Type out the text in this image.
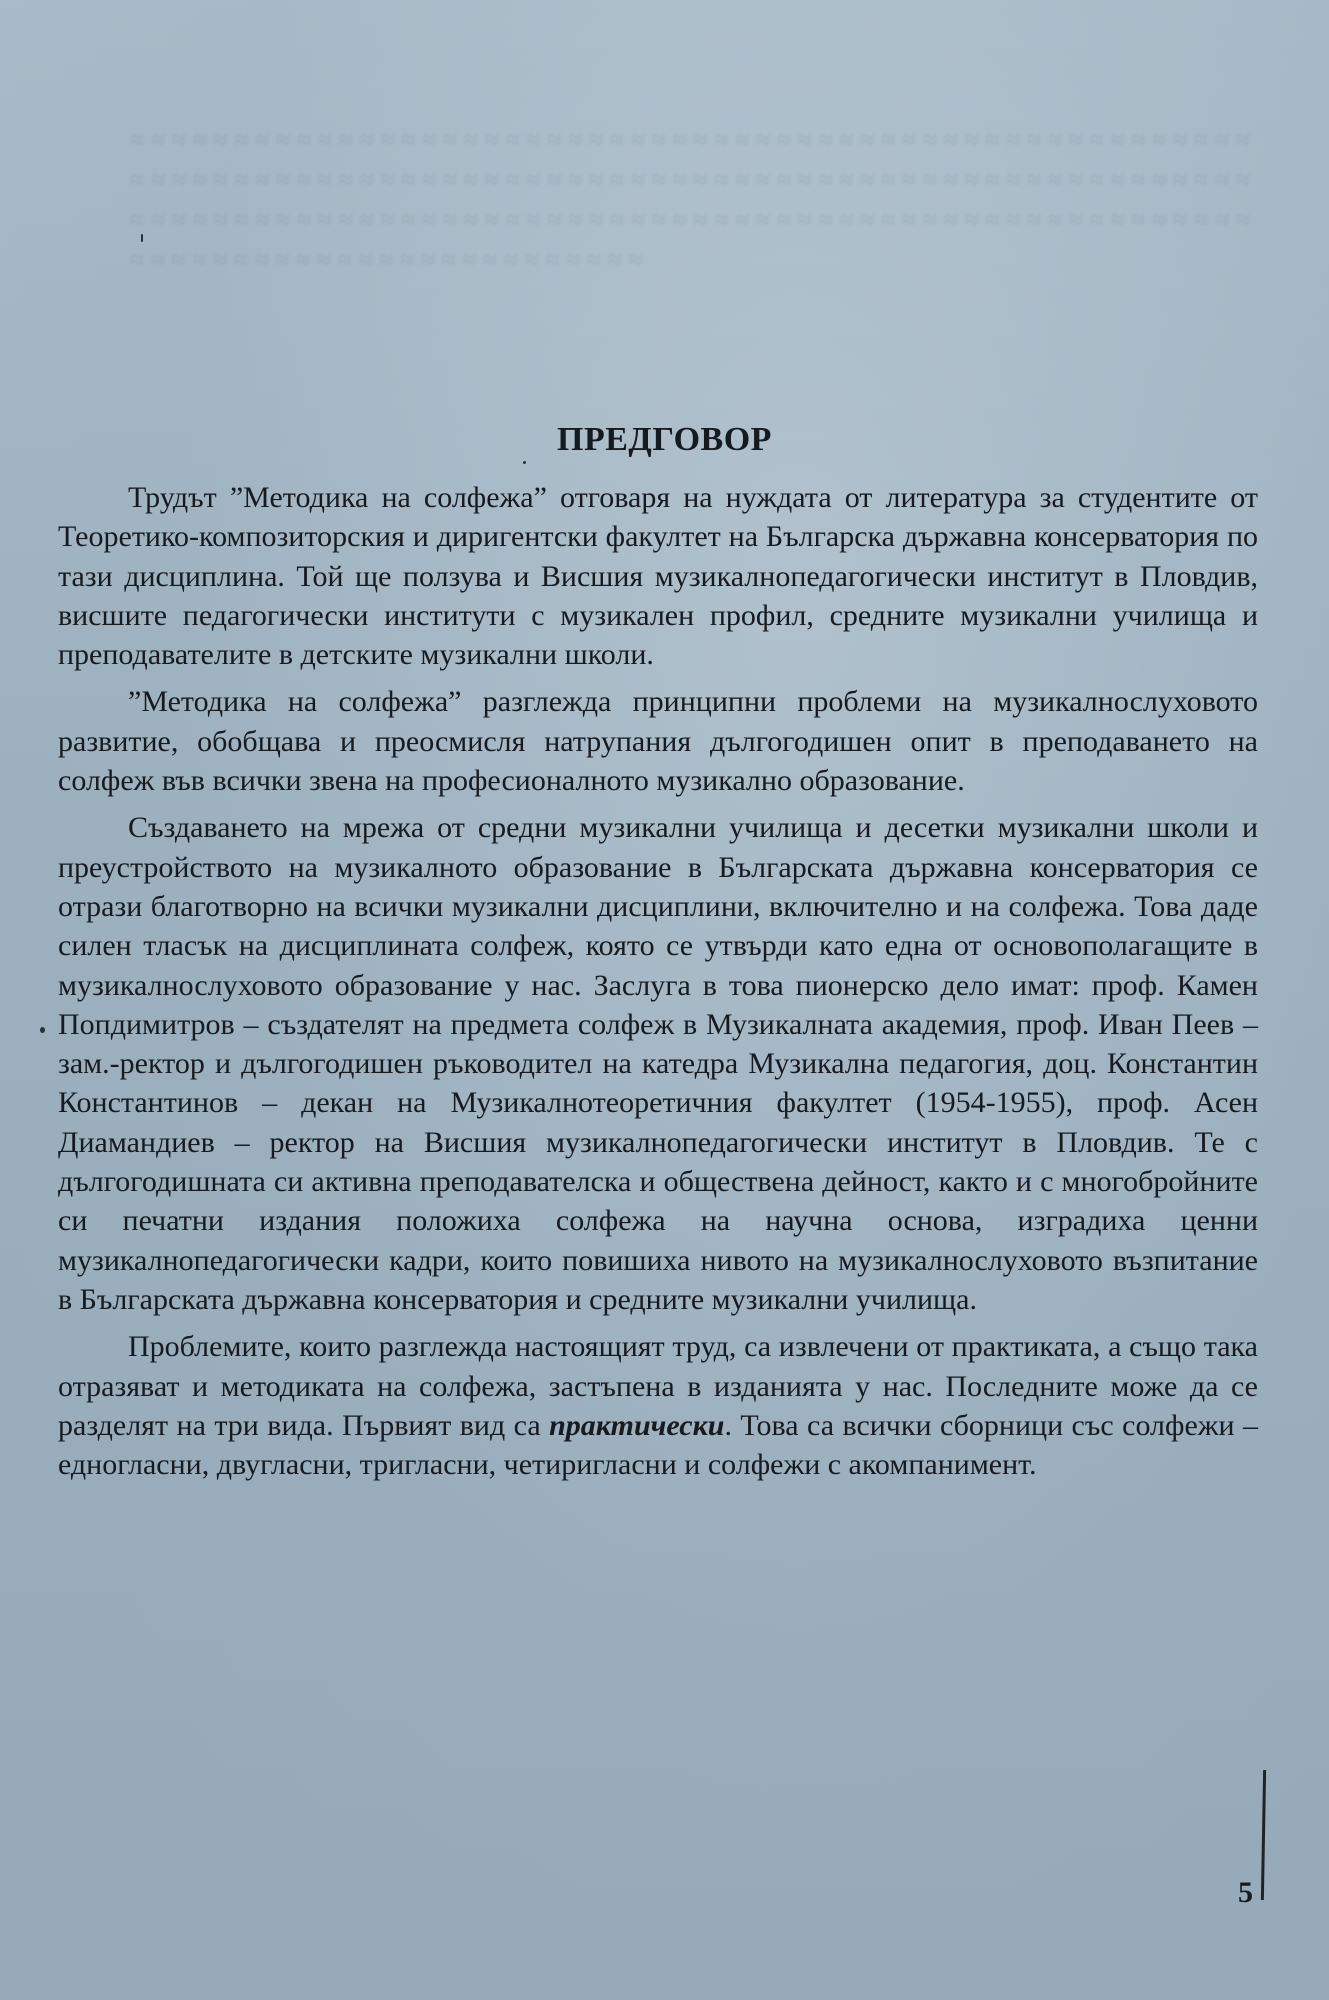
≈ ≈ ≈ ≈ ≈ ≈ ≈ ≈ ≈ ≈ ≈ ≈ ≈ ≈ ≈ ≈ ≈ ≈ ≈ ≈ ≈ ≈ ≈ ≈ ≈ ≈ ≈ ≈ ≈ ≈ ≈ ≈ ≈ ≈ ≈ ≈ ≈ ≈ ≈ ≈ ≈ ≈ ≈ ≈ ≈ ≈ ≈ ≈ ≈ ≈ ≈ ≈ ≈ ≈ ≈ ≈ ≈ ≈ ≈ ≈ ≈ ≈ ≈ ≈ ≈ ≈ ≈ ≈ ≈ ≈ ≈ ≈ ≈ ≈ ≈ ≈ ≈ ≈ ≈ ≈ ≈ ≈ ≈ ≈ ≈ ≈ ≈ ≈ ≈ ≈ ≈ ≈ ≈ ≈ ≈ ≈ ≈ ≈ ≈ ≈ ≈ ≈ ≈ ≈ ≈ ≈ ≈ ≈ ≈ ≈ ≈ ≈ ≈ ≈ ≈ ≈ ≈ ≈ ≈ ≈ ≈ ≈ ≈ ≈ ≈ ≈ ≈ ≈ ≈ ≈ ≈ ≈ ≈ ≈ ≈ ≈ ≈ ≈ ≈ ≈ ≈ ≈ ≈ ≈ ≈ ≈ ≈ ≈ ≈ ≈ ≈ ≈ ≈ ≈ ≈ ≈ ≈ ≈ ≈ ≈ ≈ ≈ ≈ ≈ ≈ ≈ ≈ ≈ ≈ ≈ ≈ ≈ ≈ ≈ ≈ ≈ ≈ ≈ ≈ ≈ ≈ ≈ ≈ ≈ ≈ ≈ ≈

ПРЕДГОВОР

Трудът ”Методика на солфежа” отговаря на нуждата от литература за студентите от Теоретико-композиторския и диригентски факултет на Българска държавна консерватория по тази дисциплина. Той ще ползува и Висшия музикалнопедагогически институт в Пловдив, висшите педагогически институти с музикален профил, средните музикални училища и преподавателите в детските музикални школи.

”Методика на солфежа” разглежда принципни проблеми на музикалнослуховото развитие, обобщава и преосмисля натрупания дългогодишен опит в преподаването на солфеж във всички звена на професионалното музикално образование.

Създаването на мрежа от средни музикални училища и десетки музикални школи и преустройството на музикалното образование в Българската държавна консерватория се отрази благотворно на всички музикални дисциплини, включително и на солфежа. Това даде силен тласък на дисциплината солфеж, която се утвърди като една от основополагащите в музикалнослуховото образование у нас. Заслуга в това пионерско дело имат: проф. Камен Попдимитров – създателят на предмета солфеж в Музикалната академия, проф. Иван Пеев – зам.-ректор и дългогодишен ръководител на катедра Музикална педагогия, доц. Константин Константинов – декан на Музикалнотеоретичния факултет (1954-1955), проф. Асен Диамандиев – ректор на Висшия музикалнопедагогически институт в Пловдив. Те с дългогодишната си активна преподавателска и обществена дейност, както и с многобройните си печатни издания положиха солфежа на научна основа, изградиха ценни музикалнопедагогически кадри, които повишиха нивото на музикалнослуховото възпитание в Българската държавна консерватория и средните музикални училища.

Проблемите, които разглежда настоящият труд, са извлечени от практиката, а също така отразяват и методиката на солфежа, застъпена в изданията у нас. Последните може да се разделят на три вида. Първият вид са практически. Това са всички сборници със солфежи – едногласни, двугласни, тригласни, четиригласни и солфежи с акомпанимент.

5
